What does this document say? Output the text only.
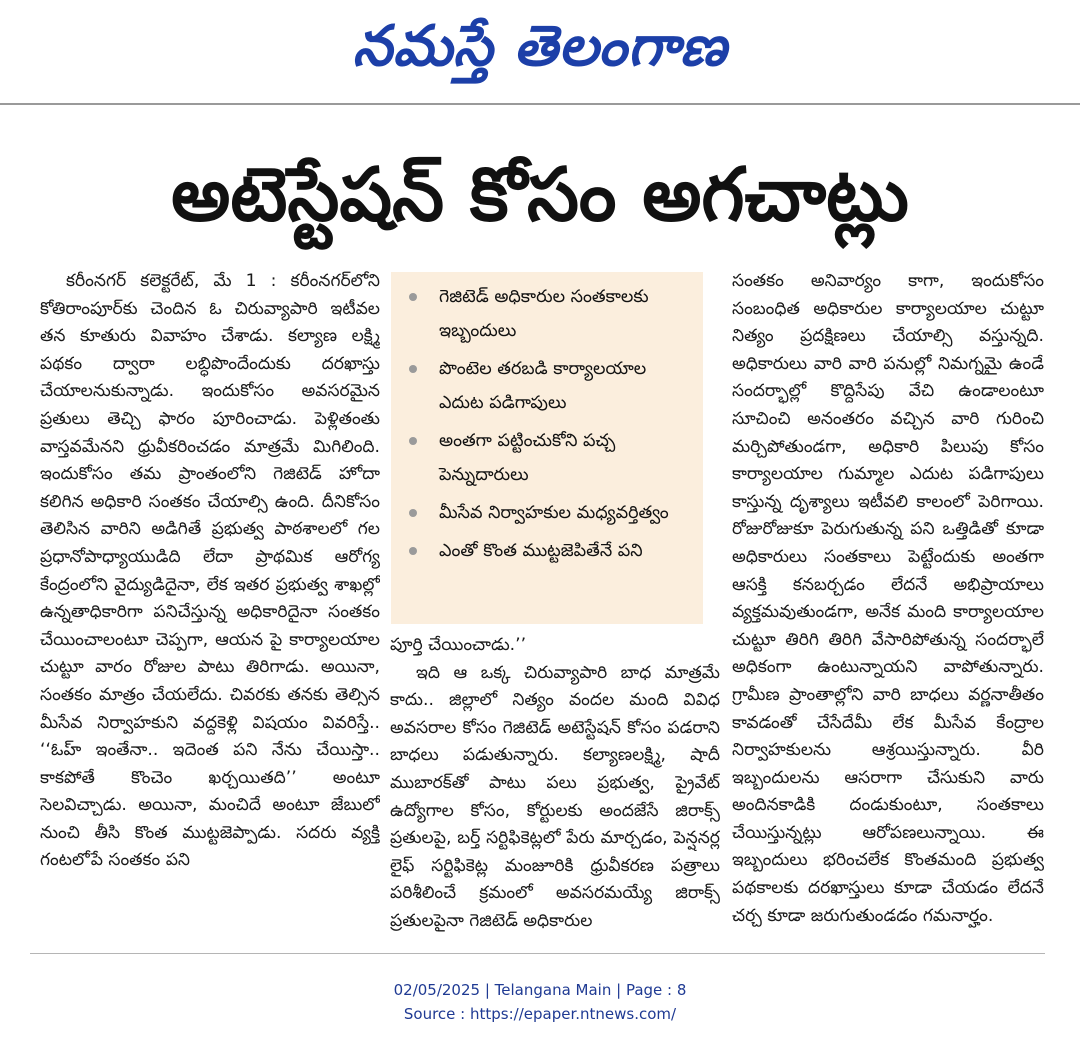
నమస్తే తెలంగాణ
అటెస్టేషన్ కోసం అగచాట్లు

కరీంనగర్ కలెక్టరేట్, మే 1 : కరీంనగర్‌లోని కోతిరాంపూర్‌కు చెందిన ఓ చిరువ్యాపారి ఇటీవల తన కూతురు వివాహం చేశాడు. కల్యాణ లక్ష్మి పథకం ద్వారా లబ్ధిపొందేందుకు దరఖాస్తు చేయాలనుకున్నాడు. ఇందుకోసం అవసరమైన ప్రతులు తెచ్చి ఫారం పూరించాడు. పెళ్లితంతు వాస్తవమేనని ధ్రువీకరించడం మాత్రమే మిగిలింది. ఇందుకోసం తమ ప్రాంతంలోని గెజిటెడ్ హోదా కలిగిన అధికారి సంతకం చేయాల్సి ఉంది. దీనికోసం తెలిసిన వారిని అడిగితే ప్రభుత్వ పాఠశాలలో గల ప్రధానోపాధ్యాయుడిది లేదా ప్రాథమిక ఆరోగ్య కేంద్రంలోని వైద్యుడిదైనా, లేక ఇతర ప్రభుత్వ శాఖల్లో ఉన్నతాధికారిగా పనిచేస్తున్న అధికారిదైనా సంతకం చేయించాలంటూ చెప్పగా, ఆయన పై కార్యాలయాల చుట్టూ వారం రోజుల పాటు తిరిగాడు. అయినా, సంతకం మాత్రం చేయలేదు. చివరకు తనకు తెల్సిన మీసేవ నిర్వాహకుని వద్దకెళ్లి విషయం వివరిస్తే.. ‘‘ఓహ్ ఇంతేనా.. ఇదెంత పని నేను చేయిస్తా.. కాకపోతే కొంచెం ఖర్చయితది’’ అంటూ సెలవిచ్చాడు. అయినా, మంచిదే అంటూ జేబులో నుంచి తీసి కొంత ముట్టజెప్పాడు. సదరు వ్యక్తి గంటలోపే సంతకం పని

గెజిటెడ్ అధికారుల సంతకాలకు ఇబ్బందులు
పొంటెల తరబడి కార్యాలయాల ఎదుట పడిగాపులు
అంతగా పట్టించుకోని పచ్చ పెన్నుదారులు
మీసేవ నిర్వాహకుల మధ్యవర్తిత్వం
ఎంతో కొంత ముట్టజెపితేనే పని

పూర్తి చేయించాడు.’’

ఇది ఆ ఒక్క చిరువ్యాపారి బాధ మాత్రమే కాదు.. జిల్లాలో నిత్యం వందల మంది వివిధ అవసరాల కోసం గెజిటెడ్ అటెస్టేషన్ కోసం పడరాని బాధలు పడుతున్నారు. కల్యాణలక్ష్మి, షాదీ ముబారక్‌తో పాటు పలు ప్రభుత్వ, ప్రైవేట్ ఉద్యోగాల కోసం, కోర్టులకు అందజేసే జిరాక్స్ ప్రతులపై, బర్త్ సర్టిఫికెట్లలో పేరు మార్చడం, పెన్షనర్ల లైఫ్ సర్టిఫికెట్ల మంజూరికి ధ్రువీకరణ పత్రాలు పరిశీలించే క్రమంలో అవసరమయ్యే జిరాక్స్ ప్రతులపైనా గెజిటెడ్ అధికారుల

సంతకం అనివార్యం కాగా, ఇందుకోసం సంబంధిత అధికారుల కార్యాలయాల చుట్టూ నిత్యం ప్రదక్షిణలు చేయాల్సి వస్తున్నది. అధికారులు వారి వారి పనుల్లో నిమగ్నమై ఉండే సందర్భాల్లో కొద్దిసేపు వేచి ఉండాలంటూ సూచించి అనంతరం వచ్చిన వారి గురించి మర్చిపోతుండగా, అధికారి పిలుపు కోసం కార్యాలయాల గుమ్మాల ఎదుట పడిగాపులు కాస్తున్న దృశ్యాలు ఇటీవలి కాలంలో పెరిగాయి. రోజురోజుకూ పెరుగుతున్న పని ఒత్తిడితో కూడా అధికారులు సంతకాలు పెట్టేందుకు అంతగా ఆసక్తి కనబర్చడం లేదనే అభిప్రాయాలు వ్యక్తమవుతుండగా, అనేక మంది కార్యాలయాల చుట్టూ తిరిగి తిరిగి వేసారిపోతున్న సందర్భాలే అధికంగా ఉంటున్నాయని వాపోతున్నారు. గ్రామీణ ప్రాంతాల్లోని వారి బాధలు వర్ణనాతీతం కావడంతో చేసేదేమీ లేక మీసేవ కేంద్రాల నిర్వాహకులను ఆశ్రయిస్తున్నారు. వీరి ఇబ్బందులను ఆసరాగా చేసుకుని వారు అందినకాడికి దండుకుంటూ, సంతకాలు చేయిస్తున్నట్లు ఆరోపణలున్నాయి. ఈ ఇబ్బందులు భరించలేక కొంతమంది ప్రభుత్వ పథకాలకు దరఖాస్తులు కూడా చేయడం లేదనే చర్చ కూడా జరుగుతుండడం గమనార్హం.

02/05/2025 | Telangana Main | Page : 8
Source : https://epaper.ntnews.com/
